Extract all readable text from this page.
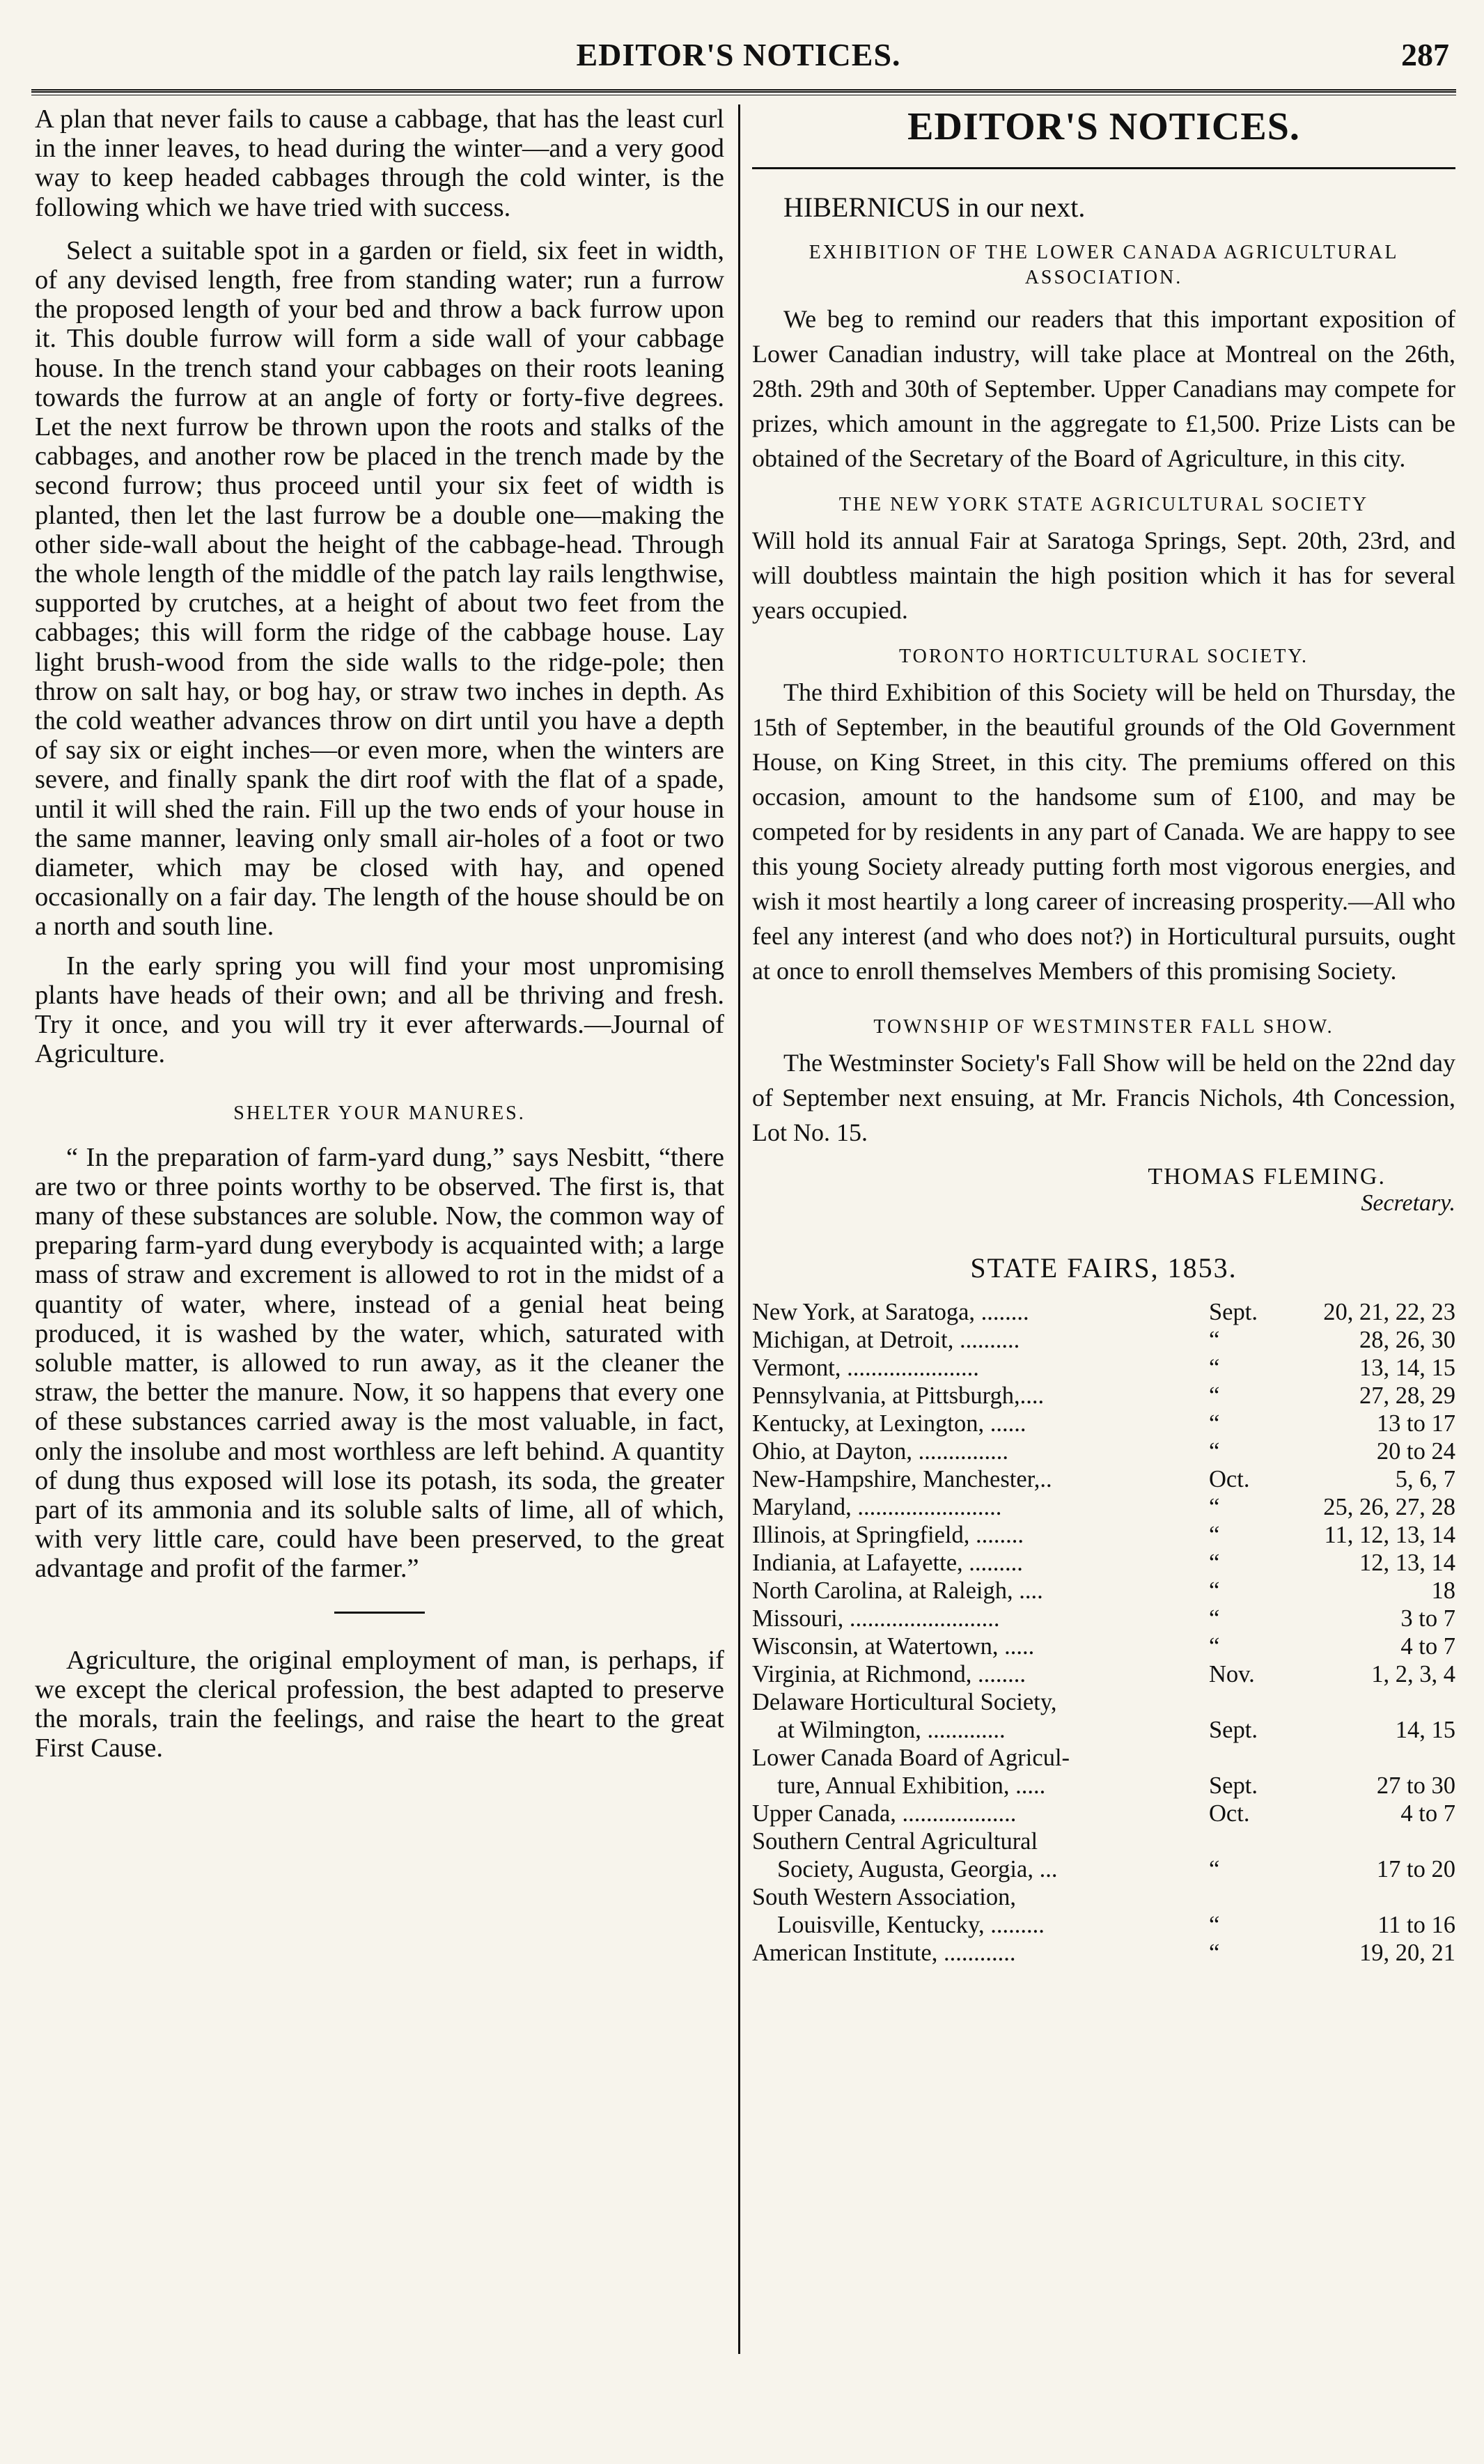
EDITOR'S NOTICES.	287

A plan that never fails to cause a cabbage, that has the least curl in the inner leaves, to head during the winter—and a very good way to keep headed cabbages through the cold winter, is the following which we have tried with success.

Select a suitable spot in a garden or field, six feet in width, of any devised length, free from standing water; run a furrow the proposed length of your bed and throw a back furrow upon it. This double furrow will form a side wall of your cabbage house. In the trench stand your cabbages on their roots leaning towards the furrow at an angle of forty or forty-five degrees. Let the next furrow be thrown upon the roots and stalks of the cabbages, and another row be placed in the trench made by the second furrow; thus proceed until your six feet of width is planted, then let the last furrow be a double one—making the other side-wall about the height of the cabbage-head. Through the whole length of the middle of the patch lay rails lengthwise, supported by crutches, at a height of about two feet from the cabbages; this will form the ridge of the cabbage house. Lay light brush-wood from the side walls to the ridge-pole; then throw on salt hay, or bog hay, or straw two inches in depth. As the cold weather advances throw on dirt until you have a depth of say six or eight inches—or even more, when the winters are severe, and finally spank the dirt roof with the flat of a spade, until it will shed the rain. Fill up the two ends of your house in the same manner, leaving only small air-holes of a foot or two diameter, which may be closed with hay, and opened occasionally on a fair day. The length of the house should be on a north and south line.

In the early spring you will find your most unpromising plants have heads of their own; and all be thriving and fresh. Try it once, and you will try it ever afterwards.—Journal of Agriculture.

SHELTER YOUR MANURES.

“ In the preparation of farm-yard dung,” says Nesbitt, “there are two or three points worthy to be observed. The first is, that many of these substances are soluble. Now, the common way of preparing farm-yard dung everybody is acquainted with; a large mass of straw and excrement is allowed to rot in the midst of a quantity of water, where, instead of a genial heat being produced, it is washed by the water, which, saturated with soluble matter, is allowed to run away, as it the cleaner the straw, the better the manure. Now, it so happens that every one of these substances carried away is the most valuable, in fact, only the insolube and most worthless are left behind. A quantity of dung thus exposed will lose its potash, its soda, the greater part of its ammonia and its soluble salts of lime, all of which, with very little care, could have been preserved, to the great advantage and profit of the farmer.”

Agriculture, the original employment of man, is perhaps, if we except the clerical profession, the best adapted to preserve the morals, train the feelings, and raise the heart to the great First Cause.

EDITOR'S NOTICES.

HIBERNICUS in our next.

EXHIBITION OF THE LOWER CANADA AGRICULTURAL ASSOCIATION.

We beg to remind our readers that this important exposition of Lower Canadian industry, will take place at Montreal on the 26th, 28th. 29th and 30th of September. Upper Canadians may compete for prizes, which amount in the aggregate to £1,500. Prize Lists can be obtained of the Secretary of the Board of Agriculture, in this city.

THE NEW YORK STATE AGRICULTURAL SOCIETY

Will hold its annual Fair at Saratoga Springs, Sept. 20th, 23rd, and will doubtless maintain the high position which it has for several years occupied.

TORONTO HORTICULTURAL SOCIETY.

The third Exhibition of this Society will be held on Thursday, the 15th of September, in the beautiful grounds of the Old Government House, on King Street, in this city. The premiums offered on this occasion, amount to the handsome sum of £100, and may be competed for by residents in any part of Canada. We are happy to see this young Society already putting forth most vigorous energies, and wish it most heartily a long career of increasing prosperity.—All who feel any interest (and who does not?) in Horticultural pursuits, ought at once to enroll themselves Members of this promising Society.

TOWNSHIP OF WESTMINSTER FALL SHOW.

The Westminster Society's Fall Show will be held on the 22nd day of September next ensuing, at Mr. Francis Nichols, 4th Concession, Lot No. 15.

THOMAS FLEMING.
Secretary.
STATE FAIRS, 1853.
New York, at Saratoga, ........	Sept.	20, 21, 22, 23
Michigan, at Detroit, ..........	“	28, 26, 30
Vermont, ......................	“	13, 14, 15
Pennsylvania, at Pittsburgh,....	“	27, 28, 29
Kentucky, at Lexington, ......	“	13 to 17
Ohio, at Dayton, ...............	“	20 to 24
New-Hampshire, Manchester,..	Oct.	5, 6, 7
Maryland, ........................	“	25, 26, 27, 28
Illinois, at Springfield, ........	“	11, 12, 13, 14
Indiania, at Lafayette, .........	“	12, 13, 14
North Carolina, at Raleigh, ....	“	18
Missouri, .........................	“	3 to 7
Wisconsin, at Watertown, .....	“	4 to 7
Virginia, at Richmond, ........	Nov.	1, 2, 3, 4
Delaware Horticultural Society,		
at Wilmington, .............	Sept.	14, 15
Lower Canada Board of Agricul-		
ture, Annual Exhibition, .....	Sept.	27 to 30
Upper Canada, ...................	Oct.	4 to 7
Southern Central Agricultural		
Society, Augusta, Georgia, ...	“	17 to 20
South Western Association,		
Louisville, Kentucky, .........	“	11 to 16
American Institute, ............	“	19, 20, 21
